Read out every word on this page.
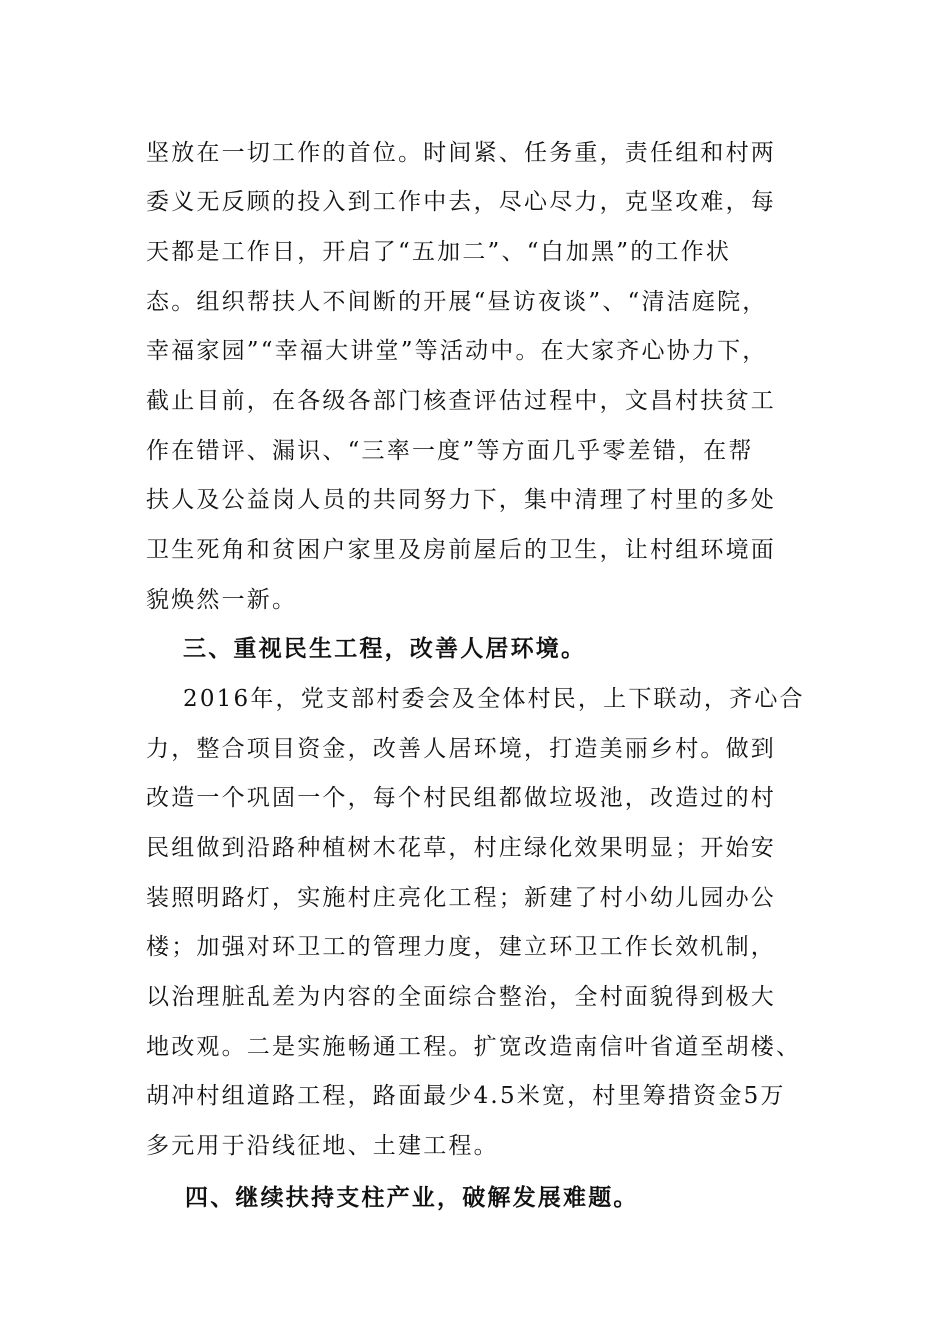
坚放在一切工作的首位。时间紧、任务重，责任组和村两
委义无反顾的投入到工作中去，尽心尽力，克坚攻难，每
天都是工作日，开启了“五加二”、“白加黑”的工作状
态。组织帮扶人不间断的开展“昼访夜谈”、“清洁庭院，
幸福家园”“幸福大讲堂”等活动中。在大家齐心协力下，
截止目前，在各级各部门核查评估过程中，文昌村扶贫工
作在错评、漏识、“三率一度”等方面几乎零差错，在帮
扶人及公益岗人员的共同努力下，集中清理了村里的多处
卫生死角和贫困户家里及房前屋后的卫生，让村组环境面
貌焕然一新。
三、重视民生工程，改善人居环境。
2016年，党支部村委会及全体村民，上下联动，齐心合
力，整合项目资金，改善人居环境，打造美丽乡村。做到
改造一个巩固一个，每个村民组都做垃圾池，改造过的村
民组做到沿路种植树木花草，村庄绿化效果明显；开始安
装照明路灯，实施村庄亮化工程；新建了村小幼儿园办公
楼；加强对环卫工的管理力度，建立环卫工作长效机制，
以治理脏乱差为内容的全面综合整治，全村面貌得到极大
地改观。二是实施畅通工程。扩宽改造南信叶省道至胡楼、
胡冲村组道路工程，路面最少4.5米宽，村里筹措资金5万
多元用于沿线征地、土建工程。
四、继续扶持支柱产业，破解发展难题。
